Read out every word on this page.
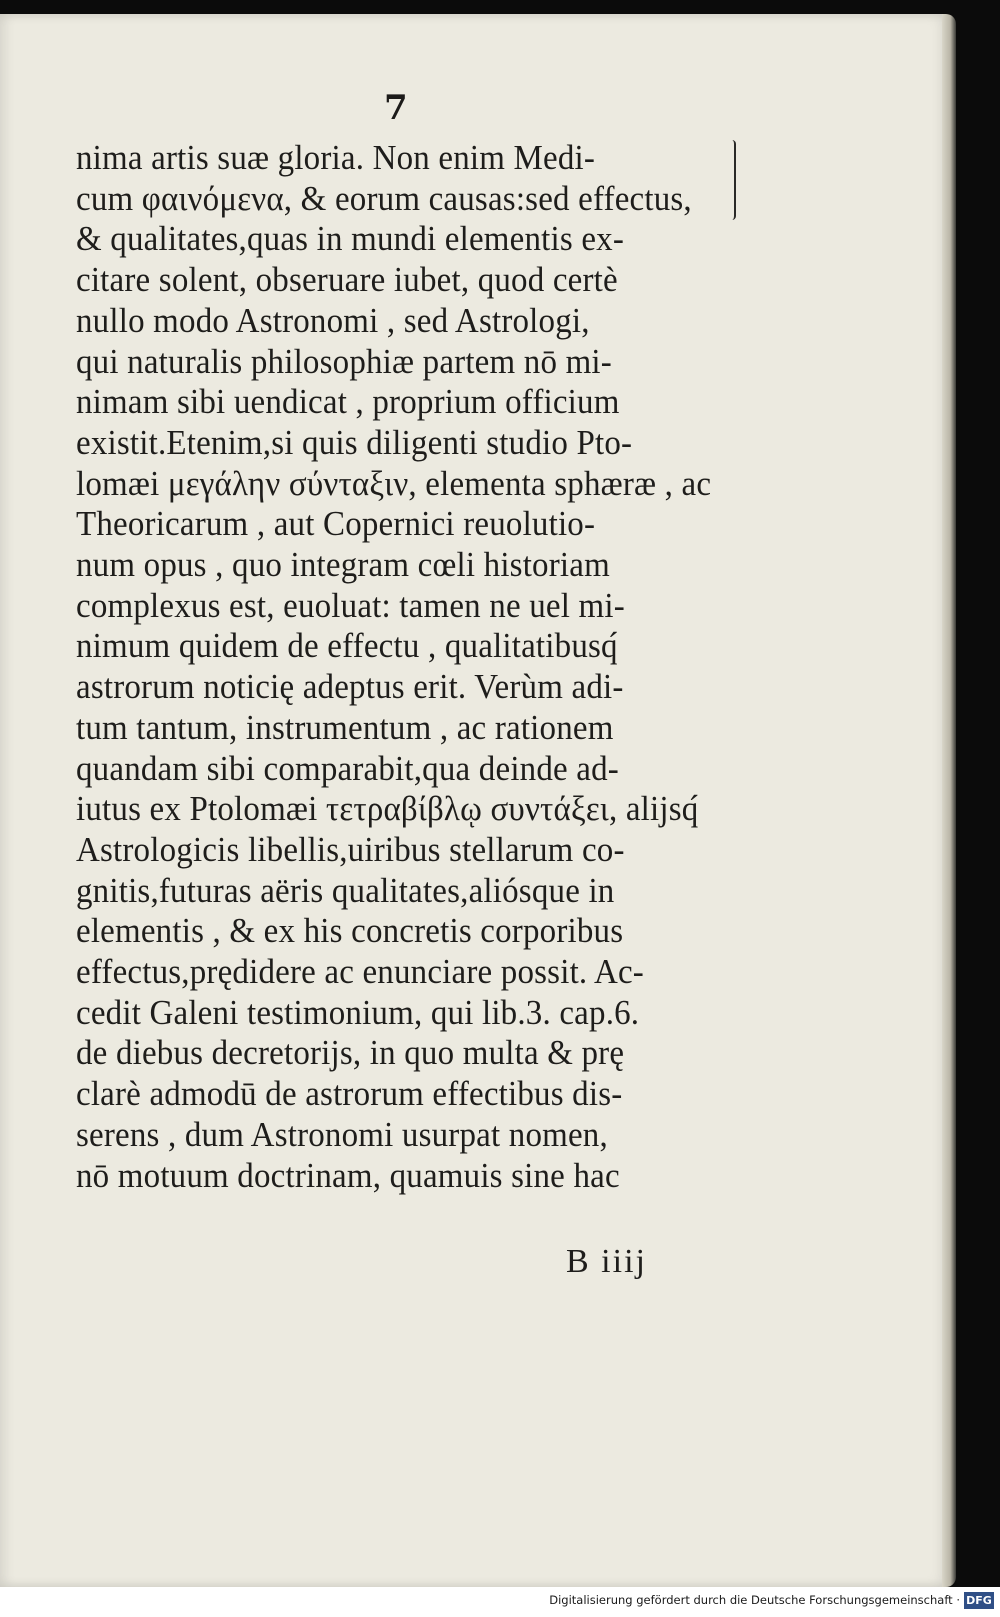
7
nima artis suæ gloria. Non enim Medi-
cum φαινόμενα, & eorum causas:sed effectus,
& qualitates,quas in mundi elementis ex-
citare solent, obseruare iubet, quod certè
nullo modo Astronomi , sed Astrologi,
qui naturalis philosophiæ partem nō mi-
nimam sibi uendicat , proprium officium
existit.Etenim,si quis diligenti studio Pto-
lomæi μεγάλην σύνταξιν, elementa sphæræ , ac
Theoricarum , aut Copernici reuolutio-
num opus , quo integram cœli historiam
complexus est, euoluat: tamen ne uel mi-
nimum quidem de effectu , qualitatibusq́
astrorum noticię adeptus erit. Verùm adi-
tum tantum, instrumentum , ac rationem
quandam sibi comparabit,qua deinde ad-
iutus ex Ptolomæi τετραβίβλῳ συντάξει, alijsq́
Astrologicis libellis,uiribus stellarum co-
gnitis,futuras aëris qualitates,aliósque in
elementis , & ex his concretis corporibus
effectus,prędidere ac enunciare possit. Ac-
cedit Galeni testimonium, qui lib.3. cap.6.
de diebus decretorijs, in quo multa & prę
clarè admodū de astrorum effectibus dis-
serens , dum Astronomi usurpat nomen,
nō motuum doctrinam, quamuis sine hac
B iiij
Digitalisierung gefördert durch die Deutsche Forschungsgemeinschaft · DFG
